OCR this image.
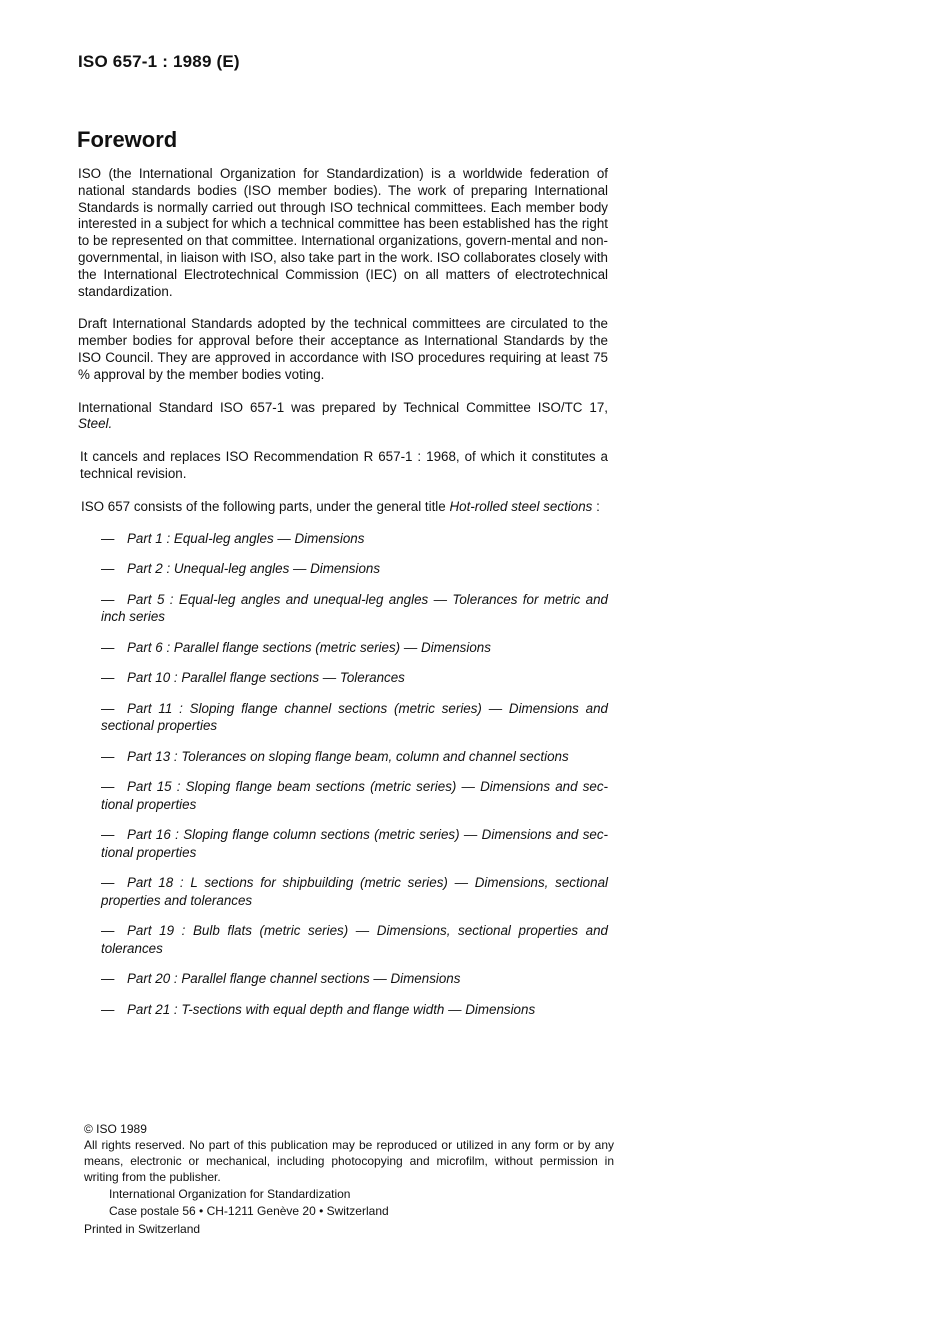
ISO 657-1 : 1989 (E)
Foreword

ISO (the International Organization for Standardization) is a worldwide federation of national standards bodies (ISO member bodies). The work of preparing International Standards is normally carried out through ISO technical committees. Each member body interested in a subject for which a technical committee has been established has the right to be represented on that committee. International organizations, govern-mental and non-governmental, in liaison with ISO, also take part in the work. ISO collaborates closely with the International Electrotechnical Commission (IEC) on all matters of electrotechnical standardization.

Draft International Standards adopted by the technical committees are circulated to the member bodies for approval before their acceptance as International Standards by the ISO Council. They are approved in accordance with ISO procedures requiring at least 75 % approval by the member bodies voting.

International Standard ISO 657-1 was prepared by Technical Committee ISO/TC 17, Steel.

It cancels and replaces ISO Recommendation R 657-1 : 1968, of which it constitutes a technical revision.

ISO 657 consists of the following parts, under the general title Hot-rolled steel sections :

— Part 1 : Equal-leg angles — Dimensions
— Part 2 : Unequal-leg angles — Dimensions
— Part 5 : Equal-leg angles and unequal-leg angles — Tolerances for metric and inch series
— Part 6 : Parallel flange sections (metric series) — Dimensions
— Part 10 : Parallel flange sections — Tolerances
— Part 11 : Sloping flange channel sections (metric series) — Dimensions and sectional properties
— Part 13 : Tolerances on sloping flange beam, column and channel sections
— Part 15 : Sloping flange beam sections (metric series) — Dimensions and sec-tional properties
— Part 16 : Sloping flange column sections (metric series) — Dimensions and sec-tional properties
— Part 18 : L sections for shipbuilding (metric series) — Dimensions, sectional properties and tolerances
— Part 19 : Bulb flats (metric series) — Dimensions, sectional properties and tolerances
— Part 20 : Parallel flange channel sections — Dimensions
— Part 21 : T-sections with equal depth and flange width — Dimensions
© ISO 1989
All rights reserved. No part of this publication may be reproduced or utilized in any form or by any means, electronic or mechanical, including photocopying and microfilm, without permission in writing from the publisher.
International Organization for Standardization
Case postale 56 • CH-1211 Genève 20 • Switzerland
Printed in Switzerland
